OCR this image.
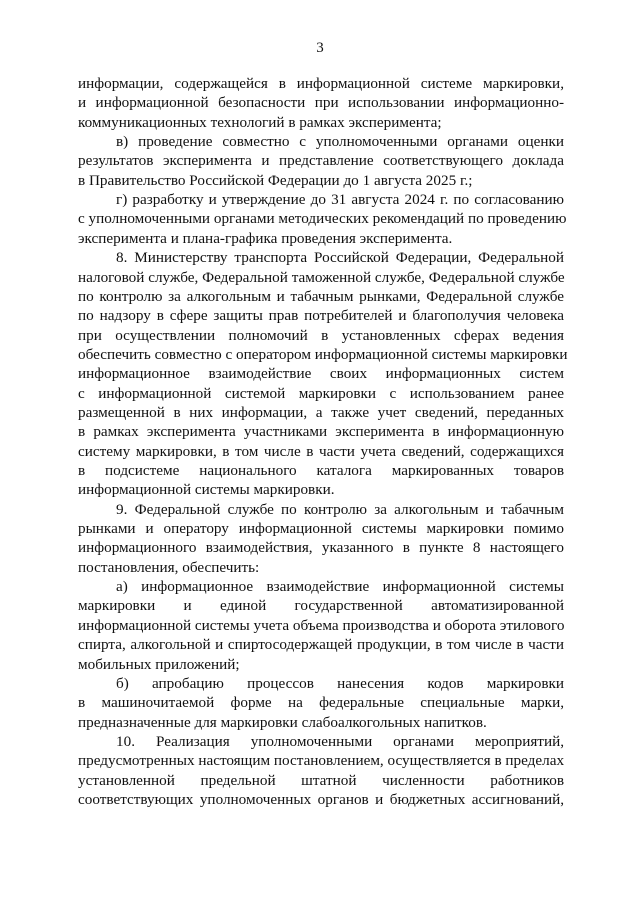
3
информации, содержащейся в информационной системе маркировки,
и информационной безопасности при использовании информационно-
коммуникационных технологий в рамках эксперимента;
в) проведение совместно с уполномоченными органами оценки
результатов эксперимента и представление соответствующего доклада
в Правительство Российской Федерации до 1 августа 2025 г.;
г) разработку и утверждение до 31 августа 2024 г. по согласованию
с уполномоченными органами методических рекомендаций по проведению
эксперимента и плана-графика проведения эксперимента.
8. Министерству транспорта Российской Федерации, Федеральной
налоговой службе, Федеральной таможенной службе, Федеральной службе
по контролю за алкогольным и табачным рынками, Федеральной службе
по надзору в сфере защиты прав потребителей и благополучия человека
при осуществлении полномочий в установленных сферах ведения
обеспечить совместно с оператором информационной системы маркировки
информационное взаимодействие своих информационных систем
с информационной системой маркировки с использованием ранее
размещенной в них информации, а также учет сведений, переданных
в рамках эксперимента участниками эксперимента в информационную
систему маркировки, в том числе в части учета сведений, содержащихся
в подсистеме национального каталога маркированных товаров
информационной системы маркировки.
9. Федеральной службе по контролю за алкогольным и табачным
рынками и оператору информационной системы маркировки помимо
информационного взаимодействия, указанного в пункте 8 настоящего
постановления, обеспечить:
а) информационное взаимодействие информационной системы
маркировки и единой государственной автоматизированной
информационной системы учета объема производства и оборота этилового
спирта, алкогольной и спиртосодержащей продукции, в том числе в части
мобильных приложений;
б) апробацию процессов нанесения кодов маркировки
в машиночитаемой форме на федеральные специальные марки,
предназначенные для маркировки слабоалкогольных напитков.
10. Реализация уполномоченными органами мероприятий,
предусмотренных настоящим постановлением, осуществляется в пределах
установленной предельной штатной численности работников
соответствующих уполномоченных органов и бюджетных ассигнований,
